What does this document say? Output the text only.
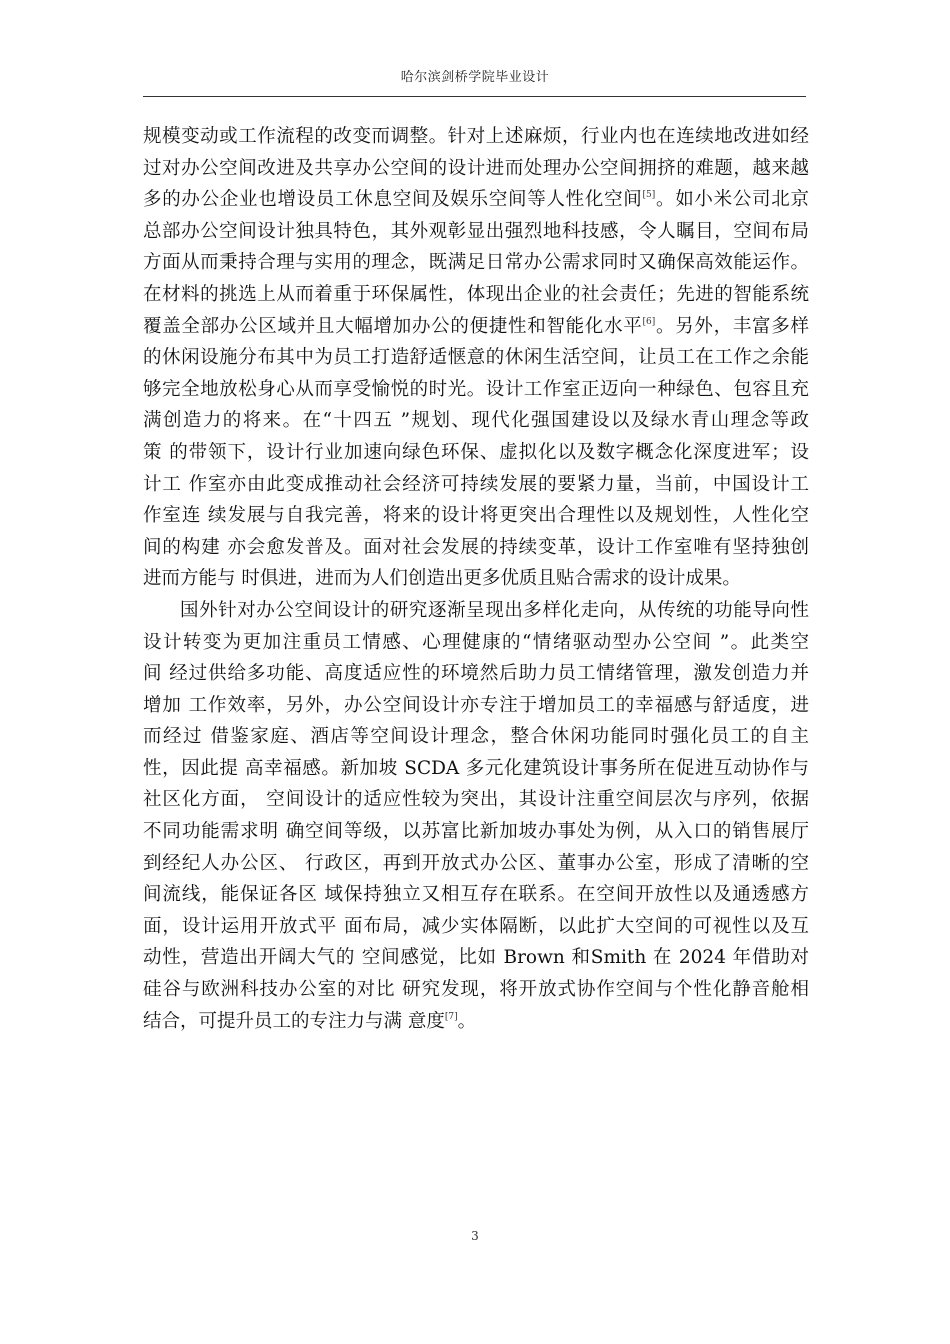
哈尔滨剑桥学院毕业设计
规模变动或工作流程的改变而调整。针对上述麻烦，行业内也在连续地改进如经
过对办公空间改进及共享办公空间的设计进而处理办公空间拥挤的难题，越来越
多的办公企业也增设员工休息空间及娱乐空间等人性化空间[5]。如小米公司北京
总部办公空间设计独具特色，其外观彰显出强烈地科技感，令人瞩目，空间布局
方面从而秉持合理与实用的理念，既满足日常办公需求同时又确保高效能运作。
在材料的挑选上从而着重于环保属性，体现出企业的社会责任；先进的智能系统
覆盖全部办公区域并且大幅增加办公的便捷性和智能化水平[6]。另外，丰富多样
的休闲设施分布其中为员工打造舒适惬意的休闲生活空间，让员工在工作之余能
够完全地放松身心从而享受愉悦的时光。设计工作室正迈向一种绿色、包容且充
满创造力的将来。在“十四五 ”规划、现代化强国建设以及绿水青山理念等政
策 的带领下，设计行业加速向绿色环保、虚拟化以及数字概念化深度进军；设
计工 作室亦由此变成推动社会经济可持续发展的要紧力量，当前，中国设计工
作室连 续发展与自我完善，将来的设计将更突出合理性以及规划性，人性化空
间的构建 亦会愈发普及。面对社会发展的持续变革，设计工作室唯有坚持独创
进而方能与 时俱进，进而为人们创造出更多优质且贴合需求的设计成果。
国外针对办公空间设计的研究逐渐呈现出多样化走向，从传统的功能导向性
设计转变为更加注重员工情感、心理健康的“情绪驱动型办公空间 ”。此类空
间 经过供给多功能、高度适应性的环境然后助力员工情绪管理，激发创造力并
增加 工作效率，另外，办公空间设计亦专注于增加员工的幸福感与舒适度，进
而经过 借鉴家庭、酒店等空间设计理念，整合休闲功能同时强化员工的自主
性，因此提 高幸福感。新加坡 SCDA 多元化建筑设计事务所在促进互动协作与
社区化方面， 空间设计的适应性较为突出，其设计注重空间层次与序列，依据
不同功能需求明 确空间等级，以苏富比新加坡办事处为例，从入口的销售展厅
到经纪人办公区、 行政区，再到开放式办公区、董事办公室，形成了清晰的空
间流线，能保证各区 域保持独立又相互存在联系。在空间开放性以及通透感方
面，设计运用开放式平 面布局，减少实体隔断，以此扩大空间的可视性以及互
动性，营造出开阔大气的 空间感觉，比如 Brown 和Smith 在 2024 年借助对
硅谷与欧洲科技办公室的对比 研究发现，将开放式协作空间与个性化静音舱相
结合，可提升员工的专注力与满 意度[7]。
3
